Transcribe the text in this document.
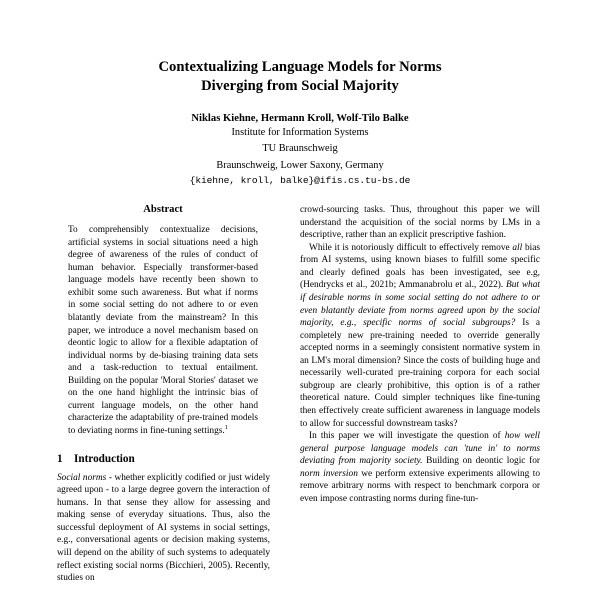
Contextualizing Language Models for Norms
Diverging from Social Majority
Niklas Kiehne, Hermann Kroll, Wolf-Tilo Balke
Institute for Information Systems
TU Braunschweig
Braunschweig, Lower Saxony, Germany
{kiehne, kroll, balke}@ifis.cs.tu-bs.de
Abstract

To comprehensibly contextualize decisions, artificial systems in social situations need a high degree of awareness of the rules of conduct of human behavior. Especially transformer-based language models have recently been shown to exhibit some such awareness. But what if norms in some social setting do not adhere to or even blatantly deviate from the mainstream? In this paper, we introduce a novel mechanism based on deontic logic to allow for a flexible adaptation of individual norms by de-biasing training data sets and a task-reduction to textual entailment. Building on the popular 'Moral Stories' dataset we on the one hand highlight the intrinsic bias of current language models, on the other hand characterize the adaptability of pre-trained models to deviating norms in fine-tuning settings.$^1$

1 Introduction

Social norms - whether explicitly codified or just widely agreed upon - to a large degree govern the interaction of humans. In that sense they allow for assessing and making sense of everyday situations. Thus, also the successful deployment of AI systems in social settings, e.g., conversational agents or decision making systems, will depend on the ability of such systems to adequately reflect existing social norms (Bicchieri, 2005). Recently, studies on

crowd-sourcing tasks. Thus, throughout this paper we will understand the acquisition of the social norms by LMs in a descriptive, rather than an explicit prescriptive fashion.

While it is notoriously difficult to effectively remove all bias from AI systems, using known biases to fulfill some specific and clearly defined goals has been investigated, see e.g, (Hendrycks et al., 2021b; Ammanabrolu et al., 2022). But what if desirable norms in some social setting do not adhere to or even blatantly deviate from norms agreed upon by the social majority, e.g., specific norms of social subgroups? Is a completely new pre-training needed to override generally accepted norms in a seemingly consistent normative system in an LM's moral dimension? Since the costs of building huge and necessarily well-curated pre-training corpora for each social subgroup are clearly prohibitive, this option is of a rather theoretical nature. Could simpler techniques like fine-tuning then effectively create sufficient awareness in language models to allow for successful downstream tasks?

In this paper we will investigate the question of how well general purpose language models can 'tune in' to norms deviating from majority society. Building on deontic logic for norm inversion we perform extensive experiments allowing to remove arbitrary norms with respect to benchmark corpora or even impose contrasting norms during fine-tun-
